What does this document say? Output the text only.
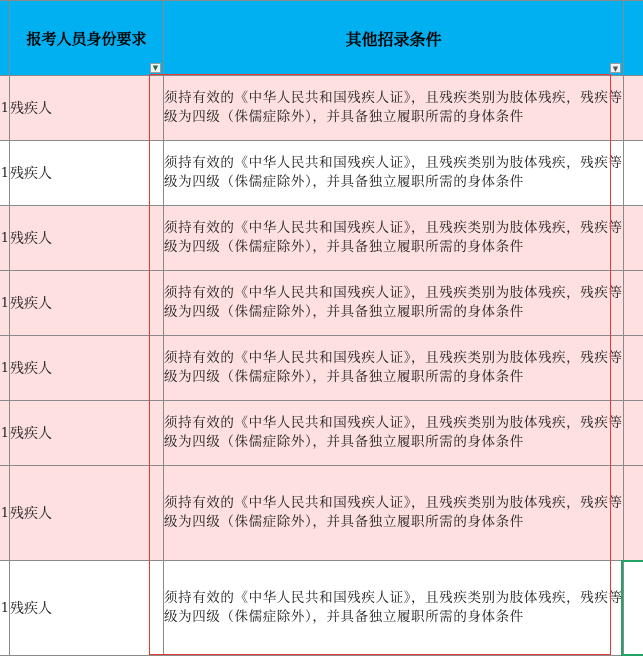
	报考人员身份要求
▼	其他招录条件
▼	

1	残疾人	须持有效的《中华人民共和国残疾人证》，且残疾类别为肢体残疾，残疾等级为四级（侏儒症除外），并具备独立履职所需的身体条件	
1	残疾人	须持有效的《中华人民共和国残疾人证》，且残疾类别为肢体残疾，残疾等级为四级（侏儒症除外），并具备独立履职所需的身体条件	
1	残疾人	须持有效的《中华人民共和国残疾人证》，且残疾类别为肢体残疾，残疾等级为四级（侏儒症除外），并具备独立履职所需的身体条件	
1	残疾人	须持有效的《中华人民共和国残疾人证》，且残疾类别为肢体残疾，残疾等级为四级（侏儒症除外），并具备独立履职所需的身体条件	
1	残疾人	须持有效的《中华人民共和国残疾人证》，且残疾类别为肢体残疾，残疾等级为四级（侏儒症除外），并具备独立履职所需的身体条件	
1	残疾人	须持有效的《中华人民共和国残疾人证》，且残疾类别为肢体残疾，残疾等级为四级（侏儒症除外），并具备独立履职所需的身体条件	
1	残疾人	须持有效的《中华人民共和国残疾人证》，且残疾类别为肢体残疾，残疾等级为四级（侏儒症除外），并具备独立履职所需的身体条件	
1	残疾人	须持有效的《中华人民共和国残疾人证》，且残疾类别为肢体残疾，残疾等级为四级（侏儒症除外），并具备独立履职所需的身体条件	
